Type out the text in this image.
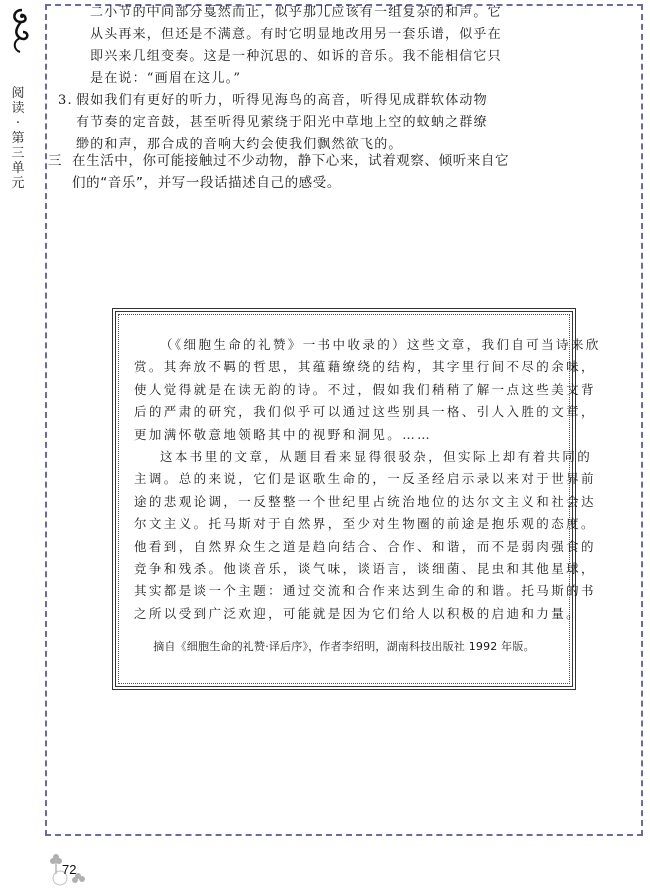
阅
读
·
第
三
单
元
二小节的中间部分戛然而止，似乎那儿应该有一组复杂的和声。它
从头再来，但还是不满意。有时它明显地改用另一套乐谱，似乎在
即兴来几组变奏。这是一种沉思的、如诉的音乐。我不能相信它只
是在说：“画眉在这儿。”
3. 假如我们有更好的听力，听得见海鸟的高音，听得见成群软体动物
有节奏的定音鼓，甚至听得见萦绕于阳光中草地上空的蚊蚋之群缭
缈的和声，那合成的音响大约会使我们飘然欲飞的。
三 在生活中，你可能接触过不少动物，静下心来，试着观察、倾听来自它
们的“音乐”，并写一段话描述自己的感受。
（《细胞生命的礼赞》一书中收录的）这些文章，我们自可当诗来欣
赏。其奔放不羁的哲思，其蕴藉缭绕的结构，其字里行间不尽的余味，
使人觉得就是在读无韵的诗。不过，假如我们稍稍了解一点这些美文背
后的严肃的研究，我们似乎可以通过这些别具一格、引人入胜的文章，
更加满怀敬意地领略其中的视野和洞见。……
这本书里的文章，从题目看来显得很驳杂，但实际上却有着共同的
主调。总的来说，它们是讴歌生命的，一反圣经启示录以来对于世界前
途的悲观论调，一反整整一个世纪里占统治地位的达尔文主义和社会达
尔文主义。托马斯对于自然界，至少对生物圈的前途是抱乐观的态度。
他看到，自然界众生之道是趋向结合、合作、和谐，而不是弱肉强食的
竞争和残杀。他谈音乐，谈气味，谈语言，谈细菌、昆虫和其他星球，
其实都是谈一个主题：通过交流和合作来达到生命的和谐。托马斯的书
之所以受到广泛欢迎，可能就是因为它们给人以积极的启迪和力量。
摘自《细胞生命的礼赞·译后序》，作者李绍明，湖南科技出版社 1992 年版。
72
